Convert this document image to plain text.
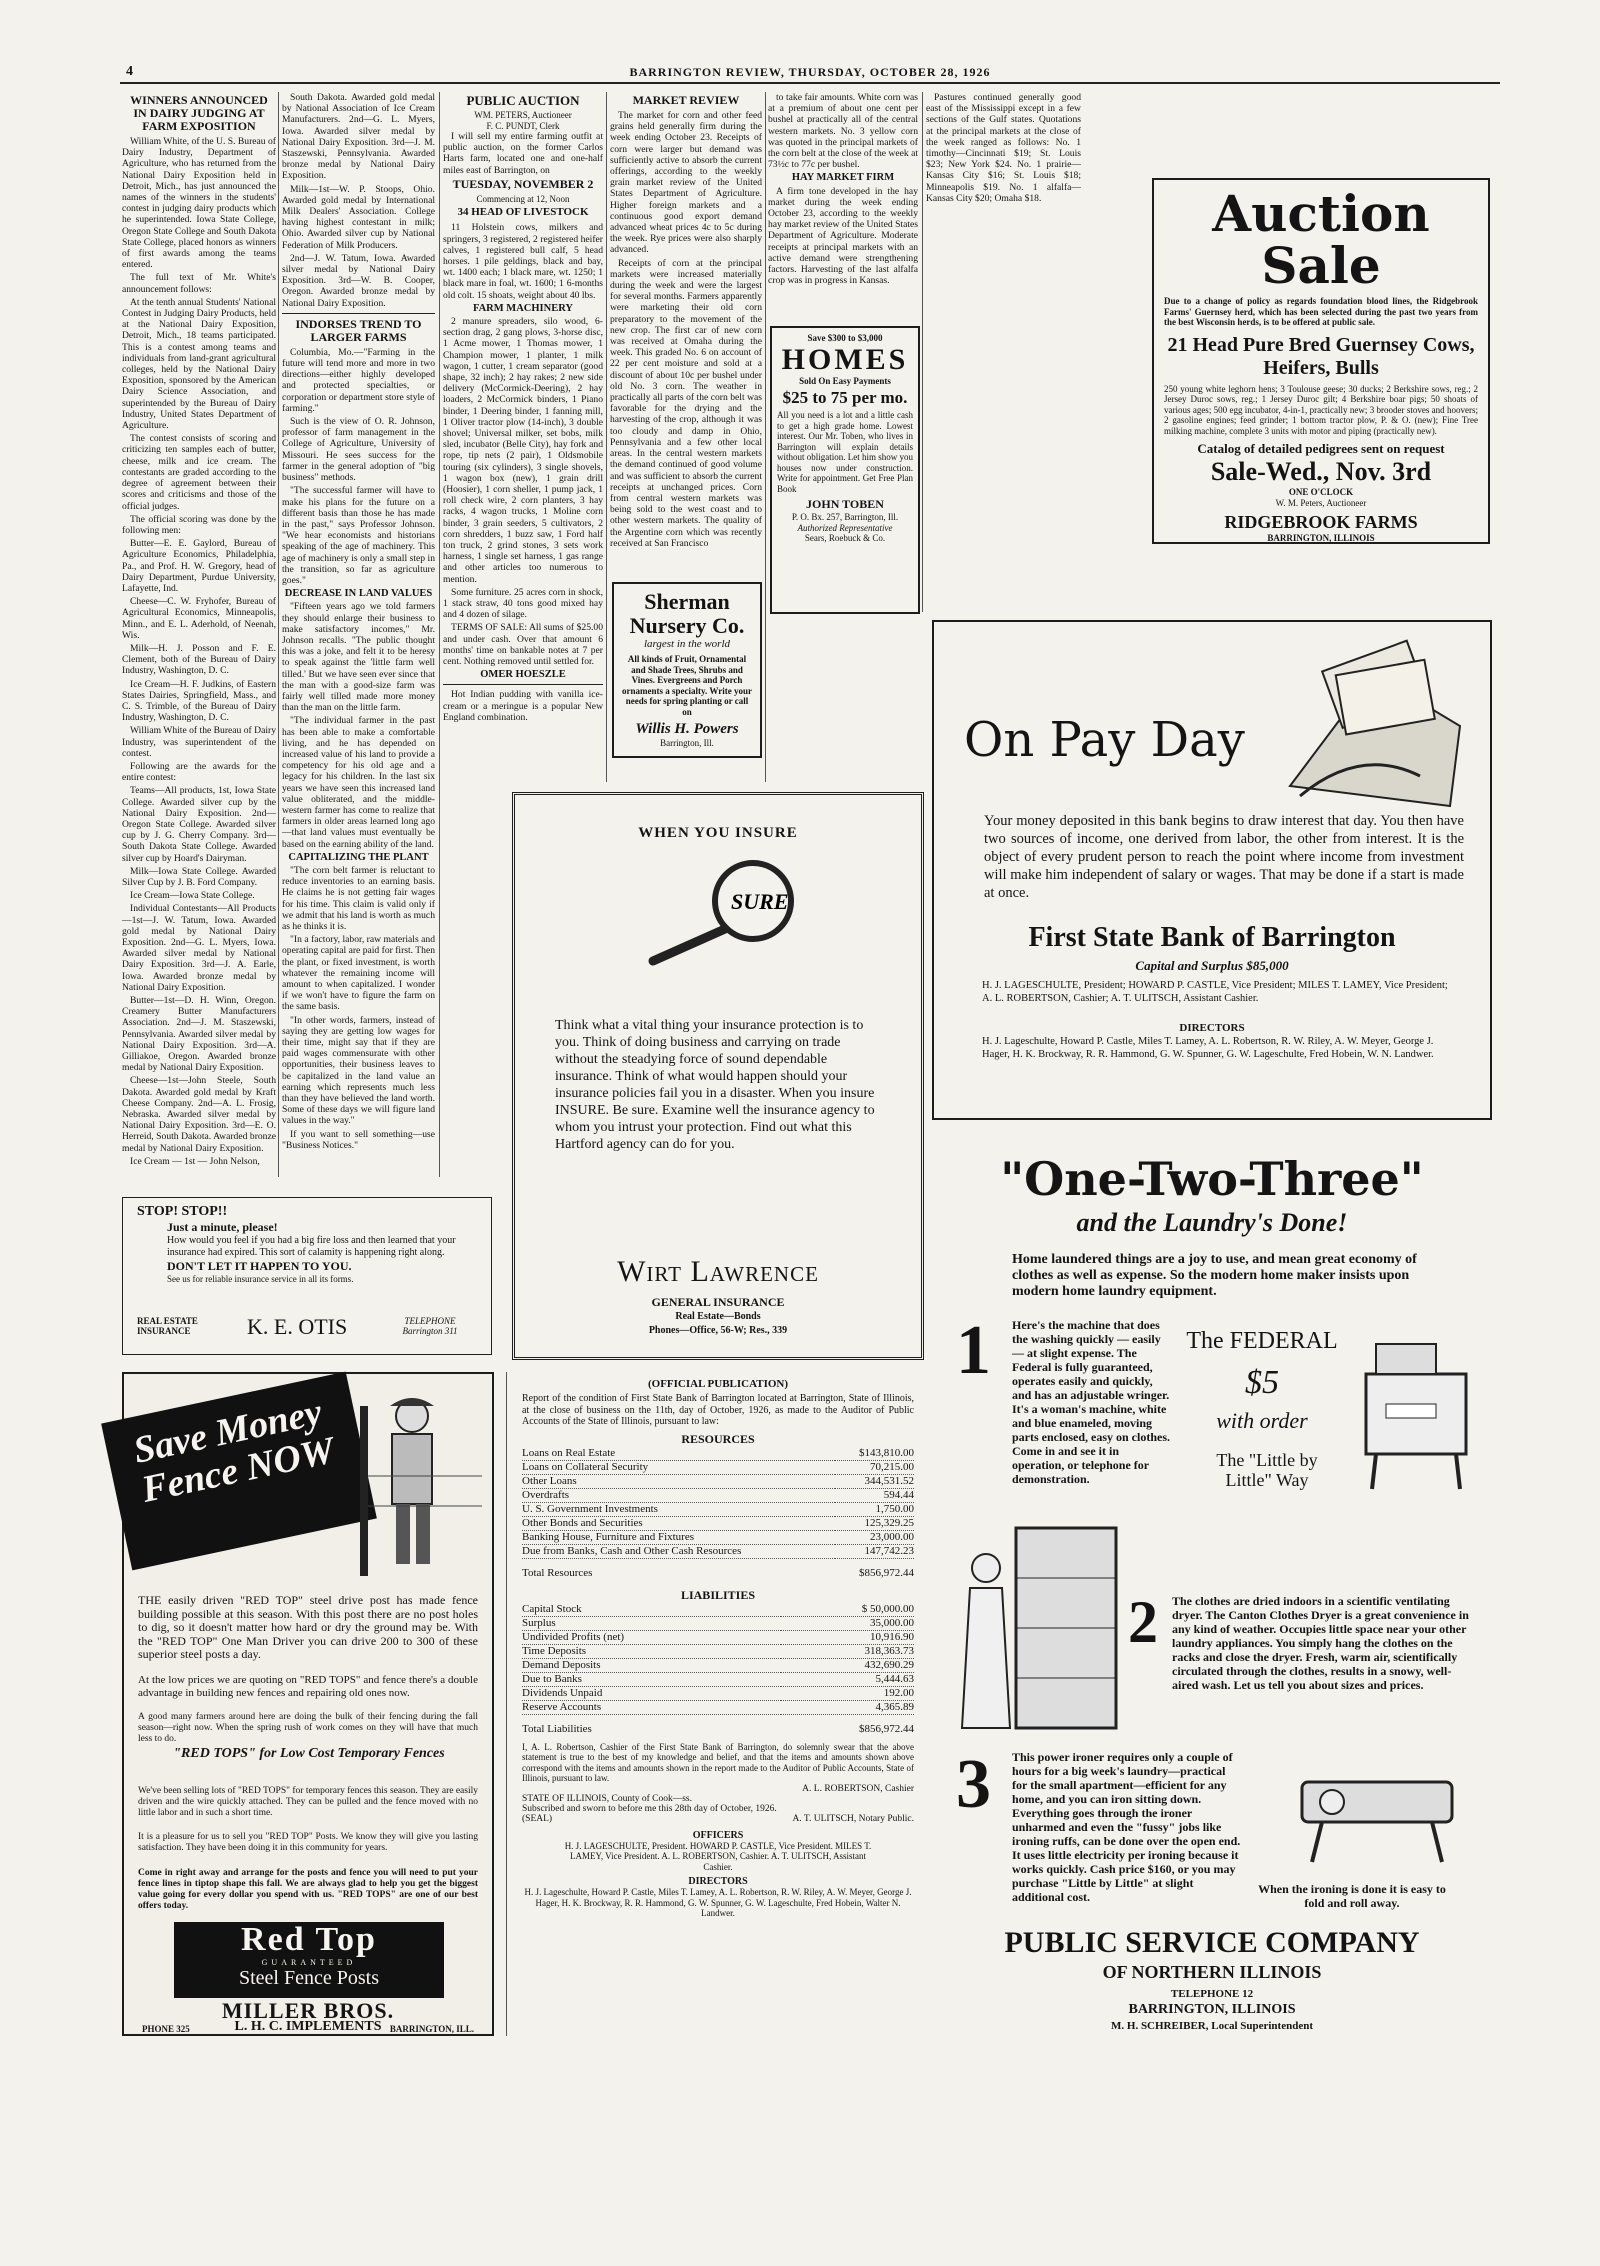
4	BARRINGTON REVIEW, THURSDAY, OCTOBER 28, 1926
WINNERS ANNOUNCED IN DAIRY JUDGING AT FARM EXPOSITION

William White, of the U. S. Bureau of Dairy Industry, Department of Agriculture, who has returned from the National Dairy Exposition held in Detroit, Mich., has just announced the names of the winners in the students' contest in judging dairy products which he superintended. Iowa State College, Oregon State College and South Dakota State College, placed honors as winners of first awards among the teams entered.

The full text of Mr. White's announcement follows:

At the tenth annual Students' National Contest in Judging Dairy Products, held at the National Dairy Exposition, Detroit, Mich., 18 teams participated. This is a contest among teams and individuals from land-grant agricultural colleges, held by the National Dairy Exposition, sponsored by the American Dairy Science Association, and superintended by the Bureau of Dairy Industry, United States Department of Agriculture.

The contest consists of scoring and criticizing ten samples each of butter, cheese, milk and ice cream. The contestants are graded according to the degree of agreement between their scores and criticisms and those of the official judges.

The official scoring was done by the following men:

Butter—E. E. Gaylord, Bureau of Agriculture Economics, Philadelphia, Pa., and Prof. H. W. Gregory, head of Dairy Department, Purdue University, Lafayette, Ind.

Cheese—C. W. Fryhofer, Bureau of Agricultural Economics, Minneapolis, Minn., and E. L. Aderhold, of Neenah, Wis.

Milk—H. J. Posson and F. E. Clement, both of the Bureau of Dairy Industry, Washington, D. C.

Ice Cream—H. F. Judkins, of Eastern States Dairies, Springfield, Mass., and C. S. Trimble, of the Bureau of Dairy Industry, Washington, D. C.

William White of the Bureau of Dairy Industry, was superintendent of the contest.

Following are the awards for the entire contest:

Teams—All products, 1st, Iowa State College. Awarded silver cup by the National Dairy Exposition. 2nd—Oregon State College. Awarded silver cup by J. G. Cherry Company. 3rd—South Dakota State College. Awarded silver cup by Hoard's Dairyman.

Milk—Iowa State College. Awarded Silver Cup by J. B. Ford Company.

Ice Cream—Iowa State College.

Individual Contestants—All Products—1st—J. W. Tatum, Iowa. Awarded gold medal by National Dairy Exposition. 2nd—G. L. Myers, Iowa. Awarded silver medal by National Dairy Exposition. 3rd—J. A. Earle, Iowa. Awarded bronze medal by National Dairy Exposition.

Butter—1st—D. H. Winn, Oregon. Creamery Butter Manufacturers Association. 2nd—J. M. Staszewski, Pennsylvania. Awarded silver medal by National Dairy Exposition. 3rd—A. Gilliakoe, Oregon. Awarded bronze medal by National Dairy Exposition.

Cheese—1st—John Steele, South Dakota. Awarded gold medal by Kraft Cheese Company. 2nd—A. L. Frosig, Nebraska. Awarded silver medal by National Dairy Exposition. 3rd—E. O. Herreid, South Dakota. Awarded bronze medal by National Dairy Exposition.

Ice Cream — 1st — John Nelson,

South Dakota. Awarded gold medal by National Association of Ice Cream Manufacturers. 2nd—G. L. Myers, Iowa. Awarded silver medal by National Dairy Exposition. 3rd—J. M. Staszewski, Pennsylvania. Awarded bronze medal by National Dairy Exposition.

Milk—1st—W. P. Stoops, Ohio. Awarded gold medal by International Milk Dealers' Association. College having highest contestant in milk; Ohio. Awarded silver cup by National Federation of Milk Producers.

2nd—J. W. Tatum, Iowa. Awarded silver medal by National Dairy Exposition. 3rd—W. B. Cooper, Oregon. Awarded bronze medal by National Dairy Exposition.

INDORSES TREND TO LARGER FARMS

Columbia, Mo.—"Farming in the future will tend more and more in two directions—either highly developed and protected specialties, or corporation or department store style of farming."

Such is the view of O. R. Johnson, professor of farm management in the College of Agriculture, University of Missouri. He sees success for the farmer in the general adoption of "big business" methods.

"The successful farmer will have to make his plans for the future on a different basis than those he has made in the past," says Professor Johnson. "We hear economists and historians speaking of the age of machinery. This age of machinery is only a small step in the transition, so far as agriculture goes."

DECREASE IN LAND VALUES

"Fifteen years ago we told farmers they should enlarge their business to make satisfactory incomes," Mr. Johnson recalls. "The public thought this was a joke, and felt it to be heresy to speak against the 'little farm well tilled.' But we have seen ever since that the man with a good-size farm was fairly well tilled made more money than the man on the little farm.

"The individual farmer in the past has been able to make a comfortable living, and he has depended on increased value of his land to provide a competency for his old age and a legacy for his children. In the last six years we have seen this increased land value obliterated, and the middle-western farmer has come to realize that farmers in older areas learned long ago—that land values must eventually be based on the earning ability of the land.

CAPITALIZING THE PLANT

"The corn belt farmer is reluctant to reduce inventories to an earning basis. He claims he is not getting fair wages for his time. This claim is valid only if we admit that his land is worth as much as he thinks it is.

"In a factory, labor, raw materials and operating capital are paid for first. Then the plant, or fixed investment, is worth whatever the remaining income will amount to when capitalized. I wonder if we won't have to figure the farm on the same basis.

"In other words, farmers, instead of saying they are getting low wages for their time, might say that if they are paid wages commensurate with other opportunities, their business leaves to be capitalized in the land value an earning which represents much less than they have believed the land worth. Some of these days we will figure land values in the way."

If you want to sell something—use "Business Notices."

PUBLIC AUCTION
WM. PETERS, Auctioneer
F. C. PUNDT, Clerk

I will sell my entire farming outfit at public auction, on the former Carlos Harts farm, located one and one-half miles east of Barrington, on

TUESDAY, NOVEMBER 2
Commencing at 12, Noon
34 HEAD OF LIVESTOCK

11 Holstein cows, milkers and springers, 3 registered, 2 registered heifer calves, 1 registered bull calf, 5 head horses. 1 pile geldings, black and bay, wt. 1400 each; 1 black mare, wt. 1250; 1 black mare in foal, wt. 1600; 1 6-months old colt. 15 shoats, weight about 40 lbs.

FARM MACHINERY

2 manure spreaders, silo wood, 6-section drag, 2 gang plows, 3-horse disc, 1 Acme mower, 1 Thomas mower, 1 Champion mower, 1 planter, 1 milk wagon, 1 cutter, 1 cream separator (good shape, 32 inch); 2 hay rakes; 2 new side delivery (McCormick-Deering), 2 hay loaders, 2 McCormick binders, 1 Piano binder, 1 Deering binder, 1 fanning mill, 1 Oliver tractor plow (14-inch), 3 double shovel; Universal milker, set bobs, milk sled, incubator (Belle City), hay fork and rope, tip nets (2 pair), 1 Oldsmobile touring (six cylinders), 3 single shovels, 1 wagon box (new), 1 grain drill (Hoosier), 1 corn sheller, 1 pump jack, 1 roll check wire, 2 corn planters, 3 hay racks, 4 wagon trucks, 1 Moline corn binder, 3 grain seeders, 5 cultivators, 2 corn shredders, 1 buzz saw, 1 Ford half ton truck, 2 grind stones, 3 sets work harness, 1 single set harness, 1 gas range and other articles too numerous to mention.

Some furniture. 25 acres corn in shock, 1 stack straw, 40 tons good mixed hay and 4 dozen of silage.

TERMS OF SALE: All sums of $25.00 and under cash. Over that amount 6 months' time on bankable notes at 7 per cent. Nothing removed until settled for.

OMER HOESZLE

Hot Indian pudding with vanilla ice-cream or a meringue is a popular New England combination.

MARKET REVIEW

The market for corn and other feed grains held generally firm during the week ending October 23. Receipts of corn were larger but demand was sufficiently active to absorb the current offerings, according to the weekly grain market review of the United States Department of Agriculture. Higher foreign markets and a continuous good export demand advanced wheat prices 4c to 5c during the week. Rye prices were also sharply advanced.

Receipts of corn at the principal markets were increased materially during the week and were the largest for several months. Farmers apparently were marketing their old corn preparatory to the movement of the new crop. The first car of new corn was received at Omaha during the week. This graded No. 6 on account of 22 per cent moisture and sold at a discount of about 10c per bushel under old No. 3 corn. The weather in practically all parts of the corn belt was favorable for the drying and the harvesting of the crop, although it was too cloudy and damp in Ohio, Pennsylvania and a few other local areas. In the central western markets the demand continued of good volume and was sufficient to absorb the current receipts at unchanged prices. Corn from central western markets was being sold to the west coast and to other western markets. The quality of the Argentine corn which was recently received at San Francisco

Sherman Nursery Co.
largest in the world
All kinds of Fruit, Ornamental and Shade Trees, Shrubs and Vines. Evergreens and Porch ornaments a specialty. Write your needs for spring planting or call on
Willis H. Powers
Barrington, Ill.

to take fair amounts. White corn was at a premium of about one cent per bushel at practically all of the central western markets. No. 3 yellow corn was quoted in the principal markets of the corn belt at the close of the week at 73½c to 77c per bushel.

HAY MARKET FIRM

A firm tone developed in the hay market during the week ending October 23, according to the weekly hay market review of the United States Department of Agriculture. Moderate receipts at principal markets with an active demand were strengthening factors. Harvesting of the last alfalfa crop was in progress in Kansas.

Pastures continued generally good east of the Mississippi except in a few sections of the Gulf states. Quotations at the principal markets at the close of the week ranged as follows: No. 1 timothy—Cincinnati $19; St. Louis $23; New York $24. No. 1 prairie—Kansas City $16; St. Louis $18; Minneapolis $19. No. 1 alfalfa—Kansas City $20; Omaha $18.

Save $300 to $3,000
HOMES
Sold On Easy Payments
$25 to 75 per mo.
All you need is a lot and a little cash to get a high grade home. Lowest interest. Our Mr. Toben, who lives in Barrington will explain details without obligation. Let him show you houses now under construction. Write for appointment. Get Free Plan Book
JOHN TOBEN
P. O. Bx. 257, Barrington, Ill.
Authorized Representative
Sears, Roebuck & Co.
Auction Sale
Due to a change of policy as regards foundation blood lines, the Ridgebrook Farms' Guernsey herd, which has been selected during the past two years from the best Wisconsin herds, is to be offered at public sale.
21 Head Pure Bred Guernsey Cows, Heifers, Bulls
250 young white leghorn hens; 3 Toulouse geese; 30 ducks; 2 Berkshire sows, reg.; 2 Jersey Duroc sows, reg.; 1 Jersey Duroc gilt; 4 Berkshire boar pigs; 50 shoats of various ages; 500 egg incubator, 4-in-1, practically new; 3 brooder stoves and hoovers; 2 gasoline engines; feed grinder; 1 bottom tractor plow, P. & O. (new); Fine Tree milking machine, complete 3 units with motor and piping (practically new).
Catalog of detailed pedigrees sent on request
Sale-Wed., Nov. 3rd
ONE O'CLOCK
W. M. Peters, Auctioneer
RIDGEBROOK FARMS
BARRINGTON, ILLINOIS
On Pay Day
Your money deposited in this bank begins to draw interest that day. You then have two sources of income, one derived from labor, the other from interest. It is the object of every prudent person to reach the point where income from investment will make him independent of salary or wages. That may be done if a start is made at once.
First State Bank of Barrington
Capital and Surplus $85,000
H. J. LAGESCHULTE, President; HOWARD P. CASTLE, Vice President; MILES T. LAMEY, Vice President; A. L. ROBERTSON, Cashier; A. T. ULITSCH, Assistant Cashier.
DIRECTORS
H. J. Lageschulte, Howard P. Castle, Miles T. Lamey, A. L. Robertson, R. W. Riley, A. W. Meyer, George J. Hager, H. K. Brockway, R. R. Hammond, G. W. Spunner, G. W. Lageschulte, Fred Hobein, W. N. Landwer.
WHEN YOU INSURE
SURE
Think what a vital thing your insurance protection is to you. Think of doing business and carrying on trade without the steadying force of sound dependable insurance. Think of what would happen should your insurance policies fail you in a disaster. When you insure INSURE. Be sure. Examine well the insurance agency to whom you intrust your protection. Find out what this Hartford agency can do for you.
Wirt Lawrence
GENERAL INSURANCE
Real Estate—Bonds
Phones—Office, 56-W; Res., 339
STOP! STOP!!
Just a minute, please!
How would you feel if you had a big fire loss and then learned that your insurance had expired. This sort of calamity is happening right along.
DON'T LET IT HAPPEN TO YOU.
See us for reliable insurance service in all its forms.
REAL ESTATE INSURANCE	K. E. OTIS	TELEPHONE Barrington 311
Save Money Fence NOW
THE easily driven "RED TOP" steel drive post has made fence building possible at this season. With this post there are no post holes to dig, so it doesn't matter how hard or dry the ground may be. With the "RED TOP" One Man Driver you can drive 200 to 300 of these superior steel posts a day.
At the low prices we are quoting on "RED TOPS" and fence there's a double advantage in building new fences and repairing old ones now.
A good many farmers around here are doing the bulk of their fencing during the fall season—right now. When the spring rush of work comes on they will have that much less to do.
"RED TOPS" for Low Cost Temporary Fences
We've been selling lots of "RED TOPS" for temporary fences this season. They are easily driven and the wire quickly attached. They can be pulled and the fence moved with no little labor and in such a short time.
It is a pleasure for us to sell you "RED TOP" Posts. We know they will give you lasting satisfaction. They have been doing it in this community for years.
Come in right away and arrange for the posts and fence you will need to put your fence lines in tiptop shape this fall. We are always glad to help you get the biggest value going for every dollar you spend with us. "RED TOPS" are one of our best offers today.
Red Top
GUARANTEED
Steel Fence Posts
MILLER BROS.
L. H. C. IMPLEMENTS
PHONE 325	BARRINGTON, ILL.
(OFFICIAL PUBLICATION)
Report of the condition of First State Bank of Barrington located at Barrington, State of Illinois, at the close of business on the 11th, day of October, 1926, as made to the Auditor of Public Accounts of the State of Illinois, pursuant to law:
RESOURCES
Loans on Real Estate	$143,810.00
Loans on Collateral Security	70,215.00
Other Loans	344,531.52
Overdrafts	594.44
U. S. Government Investments	1,750.00
Other Bonds and Securities	125,329.25
Banking House, Furniture and Fixtures	23,000.00
Due from Banks, Cash and Other Cash Resources	147,742.23
Total Resources	$856,972.44
LIABILITIES
Capital Stock	$ 50,000.00
Surplus	35,000.00
Undivided Profits (net)	10,916.90
Time Deposits	318,363.73
Demand Deposits	432,690.29
Due to Banks	5,444.63
Dividends Unpaid	192.00
Reserve Accounts	4,365.89
Total Liabilities	$856,972.44
I, A. L. Robertson, Cashier of the First State Bank of Barrington, do solemnly swear that the above statement is true to the best of my knowledge and belief, and that the items and amounts shown above correspond with the items and amounts shown in the report made to the Auditor of Public Accounts, State of Illinois, pursuant to law.
A. L. ROBERTSON, Cashier
STATE OF ILLINOIS, County of Cook—ss.
Subscribed and sworn to before me this 28th day of October, 1926.
(SEAL)	A. T. ULITSCH, Notary Public.
OFFICERS
H. J. LAGESCHULTE, President. HOWARD P. CASTLE, Vice President. MILES T. LAMEY, Vice President. A. L. ROBERTSON, Cashier. A. T. ULITSCH, Assistant Cashier.
DIRECTORS
H. J. Lageschulte, Howard P. Castle, Miles T. Lamey, A. L. Robertson, R. W. Riley, A. W. Meyer, George J. Hager, H. K. Brockway, R. R. Hammond, G. W. Spunner, G. W. Lageschulte, Fred Hobein, Walter N. Landwer.
"One-Two-Three"
and the Laundry's Done!
Home laundered things are a joy to use, and mean great economy of clothes as well as expense. So the modern home maker insists upon modern home laundry equipment.
1 Here's the machine that does the washing quickly — easily — at slight expense. The Federal is fully guaranteed, operates easily and quickly, and has an adjustable wringer. It's a woman's machine, white and blue enameled, moving parts enclosed, easy on clothes. Come in and see it in operation, or telephone for demonstration.
The FEDERAL
$5
with order
The "Little by Little" Way
2 The clothes are dried indoors in a scientific ventilating dryer. The Canton Clothes Dryer is a great convenience in any kind of weather. Occupies little space near your other laundry appliances. You simply hang the clothes on the racks and close the dryer. Fresh, warm air, scientifically circulated through the clothes, results in a snowy, well-aired wash. Let us tell you about sizes and prices.
3 This power ironer requires only a couple of hours for a big week's laundry—practical for the small apartment—efficient for any home, and you can iron sitting down. Everything goes through the ironer unharmed and even the "fussy" jobs like ironing ruffs, can be done over the open end. It uses little electricity per ironing because it works quickly. Cash price $160, or you may purchase "Little by Little" at slight additional cost.
When the ironing is done it is easy to fold and roll away.
PUBLIC SERVICE COMPANY
OF NORTHERN ILLINOIS
TELEPHONE 12
BARRINGTON, ILLINOIS
M. H. SCHREIBER, Local Superintendent
